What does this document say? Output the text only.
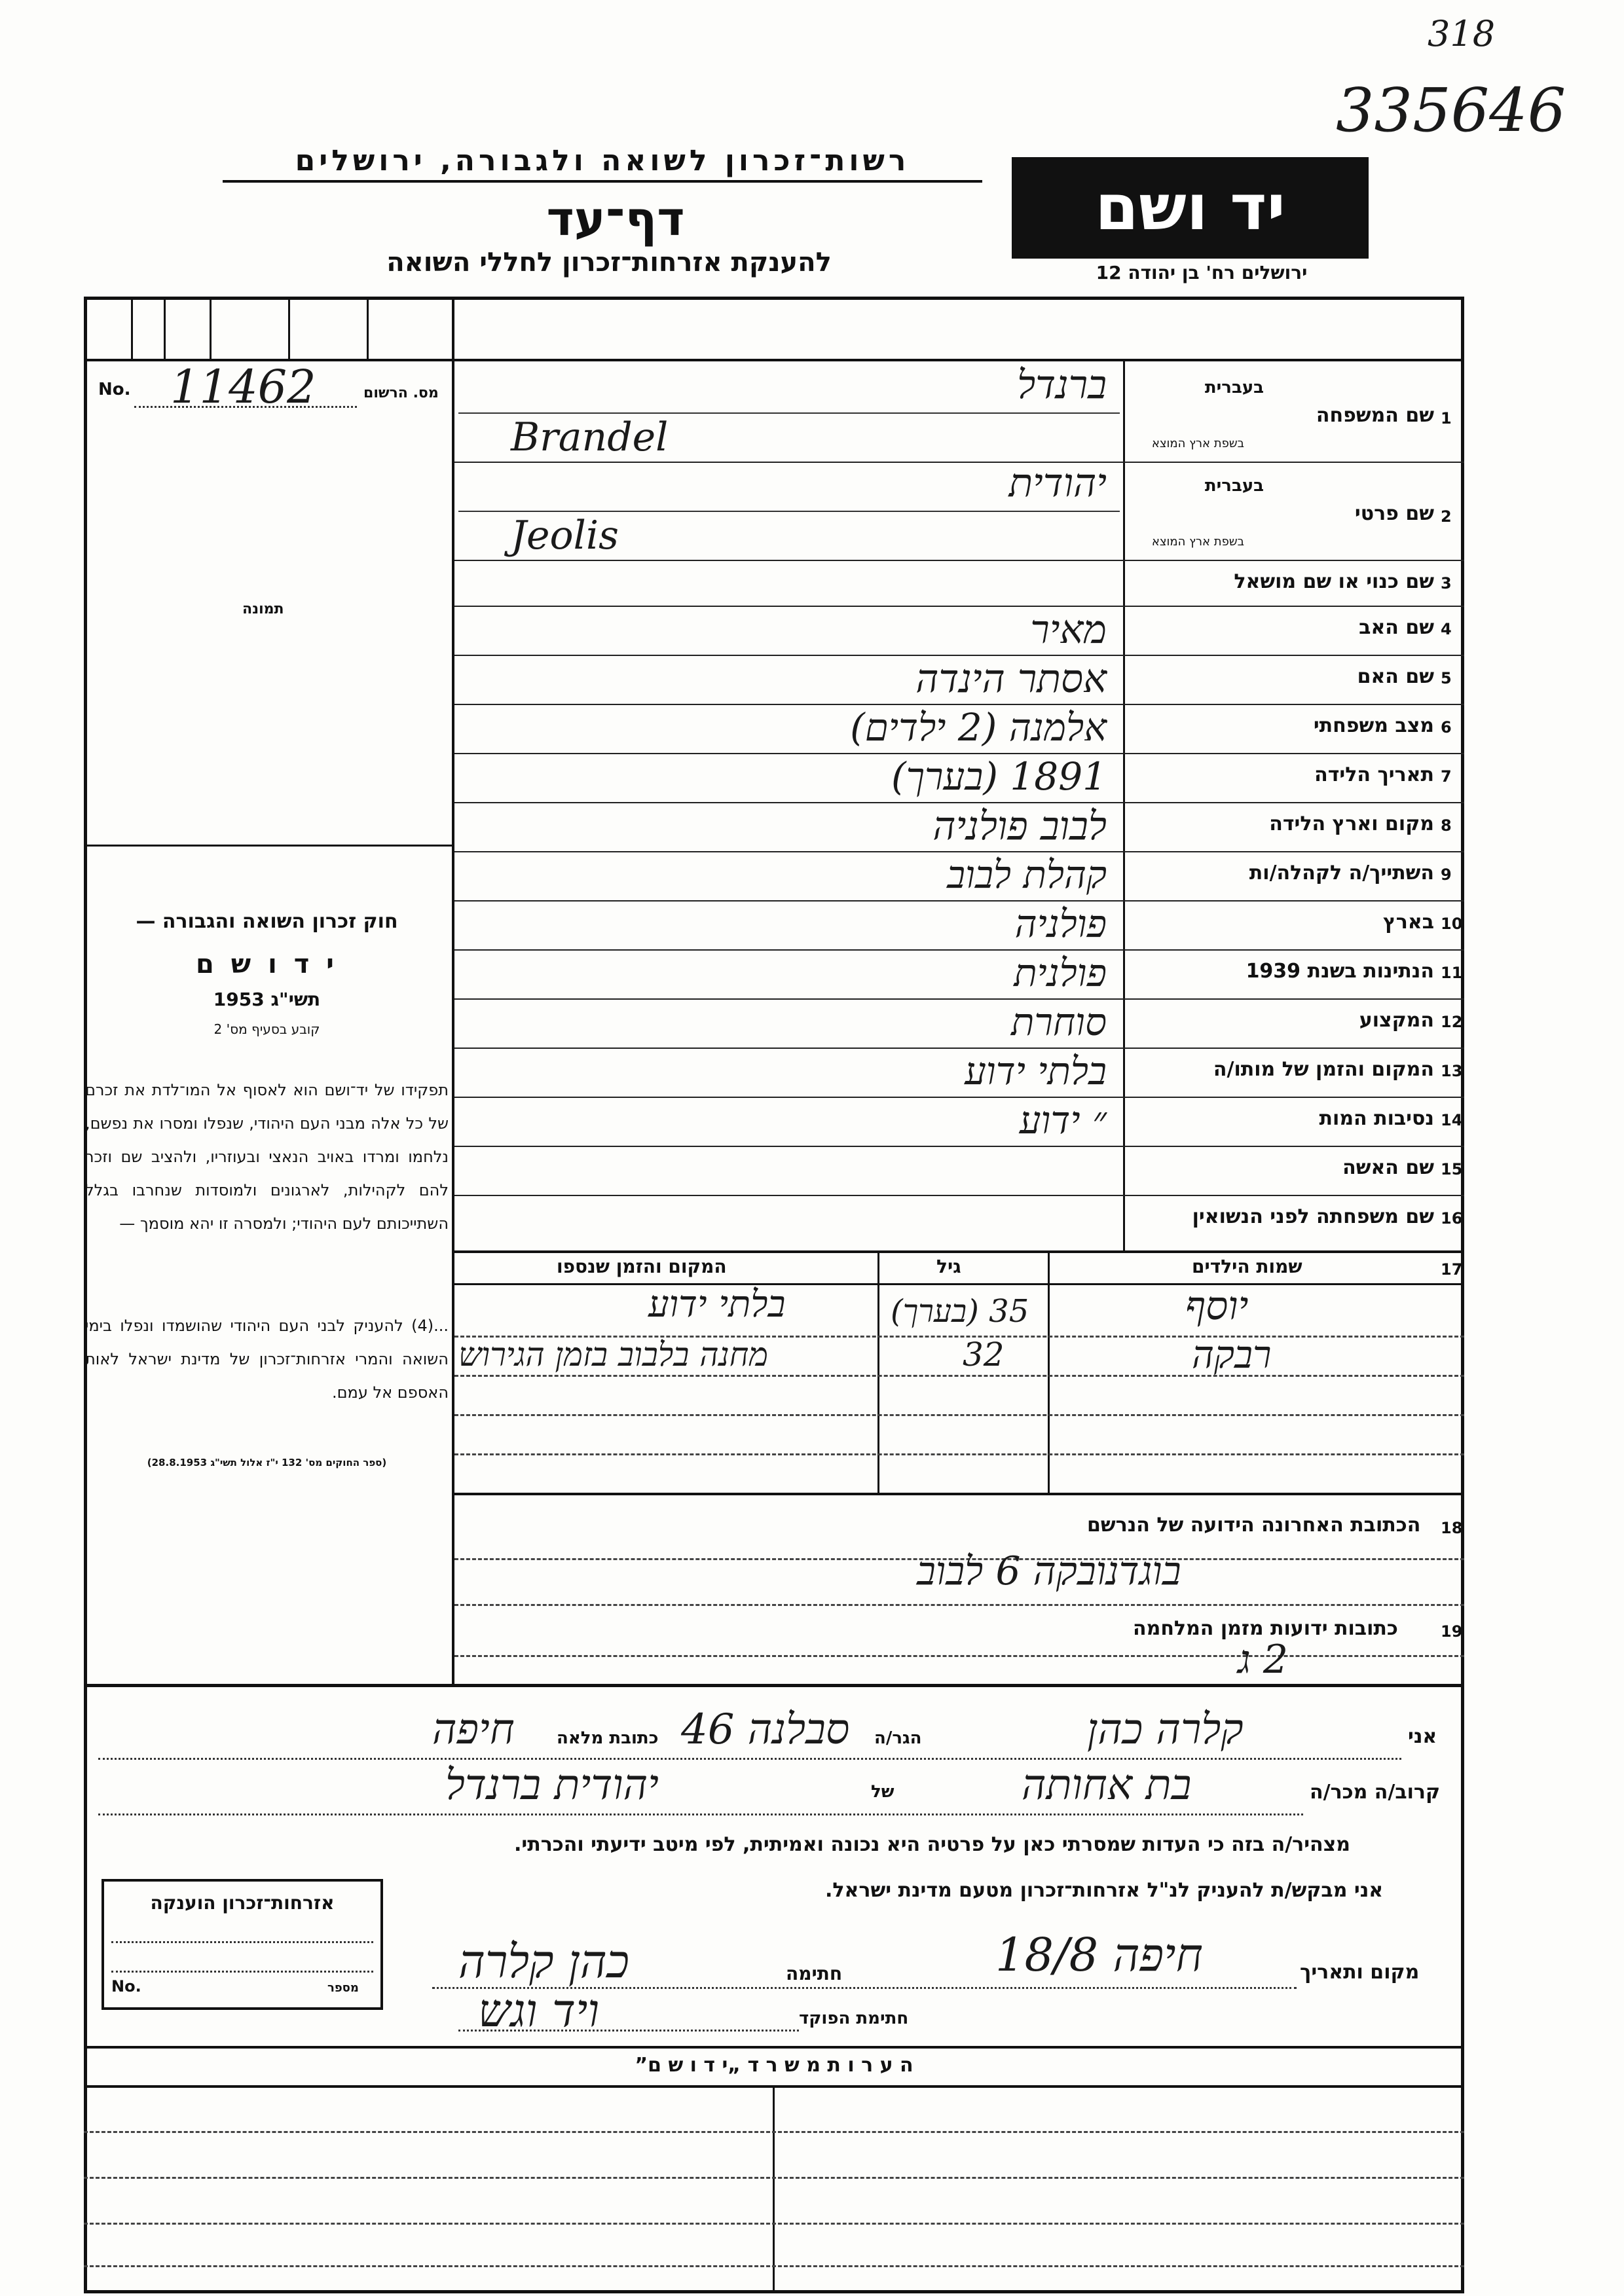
318
335646
רשות־זכרון לשואה ולגבורה, ירושלים
דף־עד
להענקת אזרחות־זכרון לחללי השואה
יד ושם
ירושלים רח' בן יהודה 12
No. 11462	מס. הרשום
תמונה
חוק זכרון השואה והגבורה —
י ד ו ש ם
תשי"ג 1953
קובע בסעיף מס' 2
תפקידו של יד־ושם הוא לאסוף אל המו־לדת את זכרם של כל אלה מבני העם היהודי, שנפלו ומסרו את נפשם, נלחמו ומרדו באויב הנאצי ובעוזריו, ולהציב שם וזכר להם לקהילות, לארגונים ולמוסדות שנחרבו בגלל השתייכותם לעם היהודי; ולמסרה זו יהא מוסמך —
...(4) להעניק לבני העם היהודי שהושמדו ונפלו בימי השואה והמרי אזרחות־זכרון של מדינת ישראל לאות האספם אל עמם.
(ספר החוקים מס' 132 י"ז אלול תשי"ג 28.8.1953)
1
שם המשפחה
בעברית
בשפת ארץ המוצא
ברנדל
Brandel
2
שם פרטי
בעברית
בשפת ארץ המוצא
יהודית
Jeolis
3
שם כנוי או שם מושאל
4
שם האב
מאיר
5
שם האם
אסתר הינדה
6
מצב משפחתי
אלמנה (2 ילדים)
7
תאריך הלידה
1891 (בערך)
8
מקום וארץ הלידה
לבוב פולניה
9
השתייך/ה לקהלה/ות
קהלת לבוב
10
בארץ
פולניה
11
הנתינות בשנת 1939
פולנית
12
המקצוע
סוחרת
13
המקום והזמן של מותו/ה
בלתי ידוע
14
נסיבות המות
״ ידוע
15
שם האשה
16
שם משפחתה לפני הנשואין
17
שמות הילדים
גיל
המקום והזמן שנספו
יוסף
35 (בערך)
בלתי ידוע
רבקה
32
מחנה בלבוב בזמן הגירוש
18
הכתובת האחרונה הידועה של הנרשם
בוגדנובקה 6 לבוב
19
כתובות ידועות מזמן המלחמה
2 ג
אני
קלרה כהן
הגר/ה
סבלנה 46
כתובת מלאה
חיפה
קרוב/ה מכר/ה
בת אחותה
של
יהודית ברנדל
מצהיר/ה בזה כי העדות שמסרתי כאן על פרטיה היא נכונה ואמיתית, לפי מיטב ידיעתי והכרתי.
אני מבקש/ת להעניק לנ"ל אזרחות־זכרון מטעם מדינת ישראל.
אזרחות־זכרון הוענקה
No.	מספר
מקום ותאריך
חיפה 18/8
חתימה
כהן קלרה
חתימת הפוקד
ויד וגש
ה ע ר ו ת מ ש ר ד „י ד ו ש ם”
